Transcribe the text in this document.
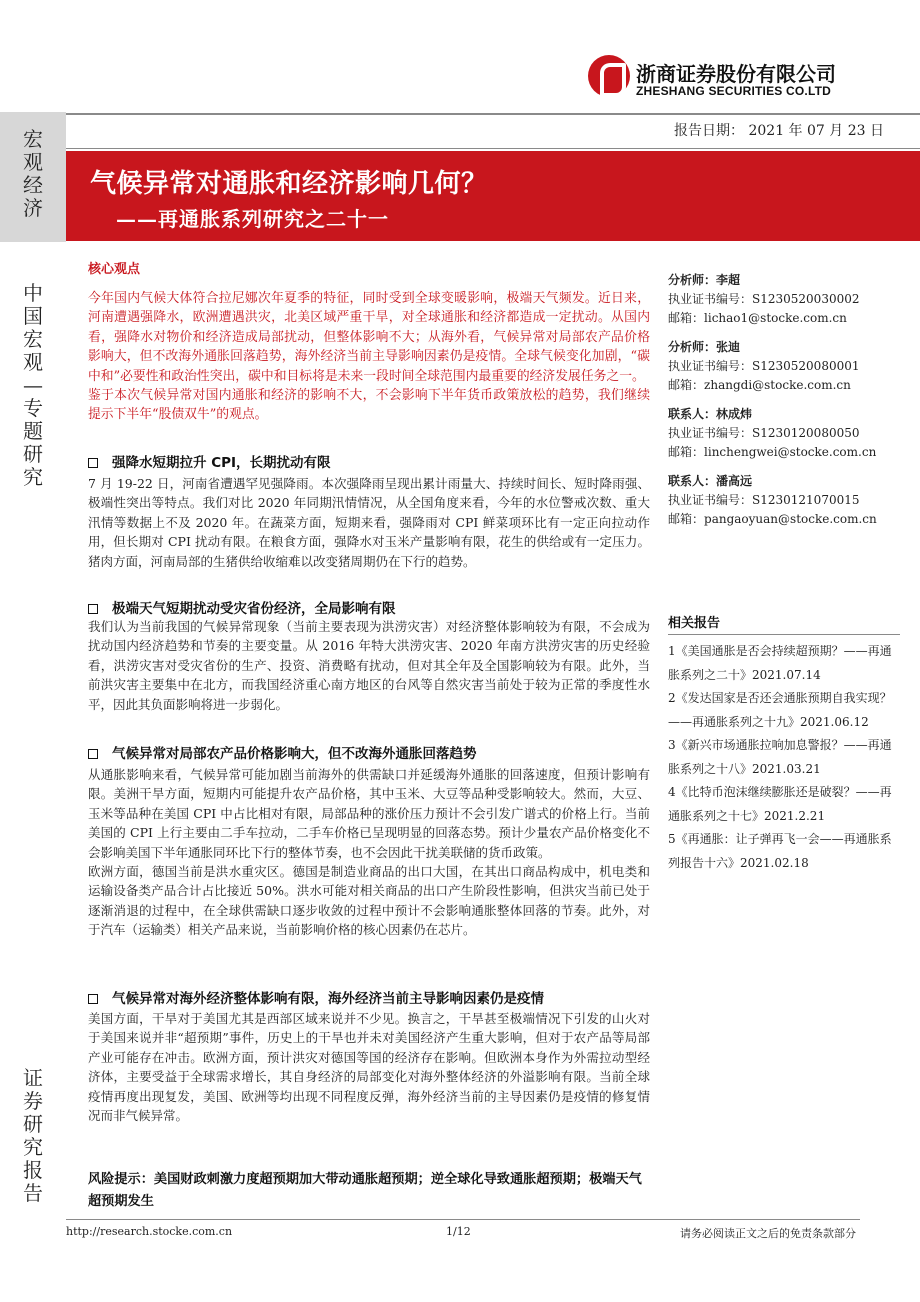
宏
观
经
济
中
国
宏
观
—
专
题
研
究
证
券
研
究
报
告
浙商证券股份有限公司
ZHESHANG SECURITIES CO.LTD
报告日期： 2021 年 07 月 23 日
气候异常对通胀和经济影响几何？
——再通胀系列研究之二十一
核心观点

今年国内气候大体符合拉尼娜次年夏季的特征，同时受到全球变暖影响，极端天气频发。近日来，河南遭遇强降水，欧洲遭遇洪灾，北美区域严重干旱，对全球通胀和经济都造成一定扰动。从国内看，强降水对物价和经济造成局部扰动，但整体影响不大；从海外看，气候异常对局部农产品价格影响大，但不改海外通胀回落趋势，海外经济当前主导影响因素仍是疫情。全球气候变化加剧，“碳中和”必要性和政治性突出，碳中和目标将是未来一段时间全球范围内最重要的经济发展任务之一。

鉴于本次气候异常对国内通胀和经济的影响不大，不会影响下半年货币政策放松的趋势，我们继续提示下半年“股债双牛”的观点。

强降水短期拉升 CPI，长期扰动有限

7 月 19-22 日，河南省遭遇罕见强降雨。本次强降雨呈现出累计雨量大、持续时间长、短时降雨强、极端性突出等特点。我们对比 2020 年同期汛情情况，从全国角度来看，今年的水位警戒次数、重大汛情等数据上不及 2020 年。在蔬菜方面，短期来看，强降雨对 CPI 鲜菜项环比有一定正向拉动作用，但长期对 CPI 扰动有限。在粮食方面，强降水对玉米产量影响有限，花生的供给或有一定压力。猪肉方面，河南局部的生猪供给收缩难以改变猪周期仍在下行的趋势。

极端天气短期扰动受灾省份经济，全局影响有限

我们认为当前我国的气候异常现象（当前主要表现为洪涝灾害）对经济整体影响较为有限，不会成为扰动国内经济趋势和节奏的主要变量。从 2016 年特大洪涝灾害、2020 年南方洪涝灾害的历史经验看，洪涝灾害对受灾省份的生产、投资、消费略有扰动，但对其全年及全国影响较为有限。此外，当前洪灾害主要集中在北方，而我国经济重心南方地区的台风等自然灾害当前处于较为正常的季度性水平，因此其负面影响将进一步弱化。

气候异常对局部农产品价格影响大，但不改海外通胀回落趋势

从通胀影响来看，气候异常可能加剧当前海外的供需缺口并延缓海外通胀的回落速度，但预计影响有限。美洲干旱方面，短期内可能提升农产品价格，其中玉米、大豆等品种受影响较大。然而，大豆、玉米等品种在美国 CPI 中占比相对有限，局部品种的涨价压力预计不会引发广谱式的价格上行。当前美国的 CPI 上行主要由二手车拉动，二手车价格已呈现明显的回落态势。预计少量农产品价格变化不会影响美国下半年通胀同环比下行的整体节奏，也不会因此干扰美联储的货币政策。

欧洲方面，德国当前是洪水重灾区。德国是制造业商品的出口大国，在其出口商品构成中，机电类和运输设备类产品合计占比接近 50%。洪水可能对相关商品的出口产生阶段性影响，但洪灾当前已处于逐渐消退的过程中，在全球供需缺口逐步收敛的过程中预计不会影响通胀整体回落的节奏。此外，对于汽车（运输类）相关产品来说，当前影响价格的核心因素仍在芯片。

气候异常对海外经济整体影响有限，海外经济当前主导影响因素仍是疫情

美国方面，干旱对于美国尤其是西部区域来说并不少见。换言之，干旱甚至极端情况下引发的山火对于美国来说并非“超预期”事件，历史上的干旱也并未对美国经济产生重大影响，但对于农产品等局部产业可能存在冲击。欧洲方面，预计洪灾对德国等国的经济存在影响。但欧洲本身作为外需拉动型经济体，主要受益于全球需求增长，其自身经济的局部变化对海外整体经济的外溢影响有限。当前全球疫情再度出现复发，美国、欧洲等均出现不同程度反弹，海外经济当前的主导因素仍是疫情的修复情况而非气候异常。

风险提示：美国财政刺激力度超预期加大带动通胀超预期；逆全球化导致通胀超预期；极端天气超预期发生
分析师：李超
执业证书编号：S1230520030002
邮箱：lichao1@stocke.com.cn
分析师：张迪
执业证书编号：S1230520080001
邮箱：zhangdi@stocke.com.cn
联系人：林成炜
执业证书编号：S1230120080050
邮箱：linchengwei@stocke.com.cn
联系人：潘高远
执业证书编号：S1230121070015
邮箱：pangaoyuan@stocke.com.cn
相关报告
1《美国通胀是否会持续超预期？——再通胀系列之二十》2021.07.14
2《发达国家是否还会通胀预期自我实现？——再通胀系列之十九》2021.06.12
3《新兴市场通胀拉响加息警报？——再通胀系列之十八》2021.03.21
4《比特币泡沫继续膨胀还是破裂？——再通胀系列之十七》2021.2.21
5《再通胀：让子弹再飞一会——再通胀系列报告十六》2021.02.18
http://research.stocke.com.cn	1/12	请务必阅读正文之后的免责条款部分
